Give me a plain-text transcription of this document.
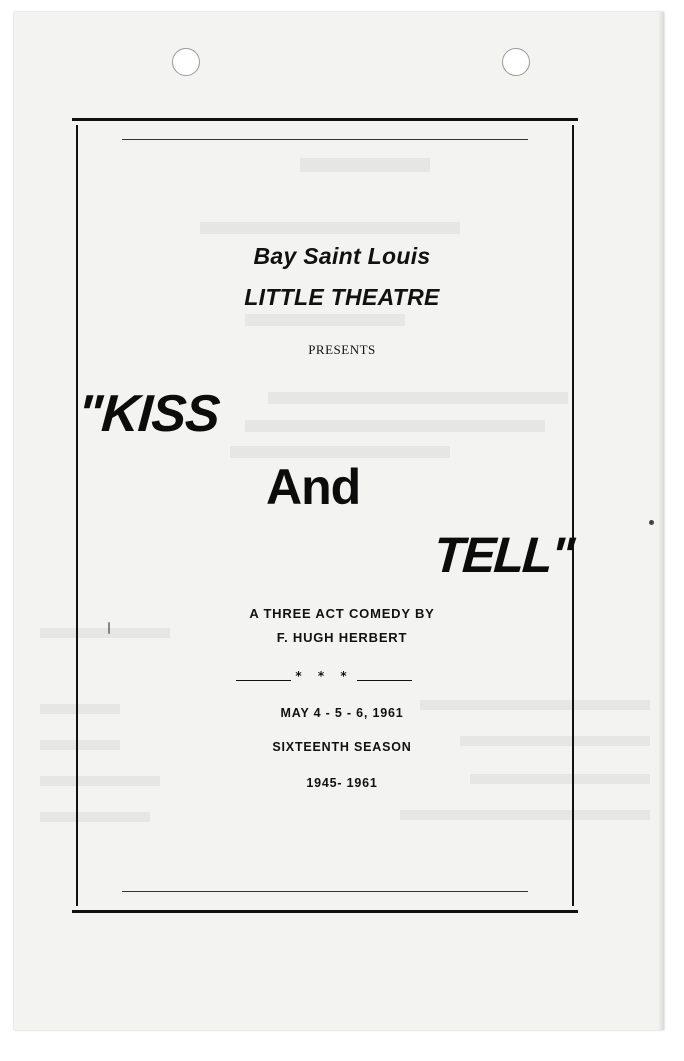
Bay Saint Louis
LITTLE THEATRE
PRESENTS
"KISS
And
TELL"
A THREE ACT COMEDY BY
F. HUGH HERBERT
* * *
MAY 4 - 5 - 6, 1961
SIXTEENTH SEASON
1945- 1961
